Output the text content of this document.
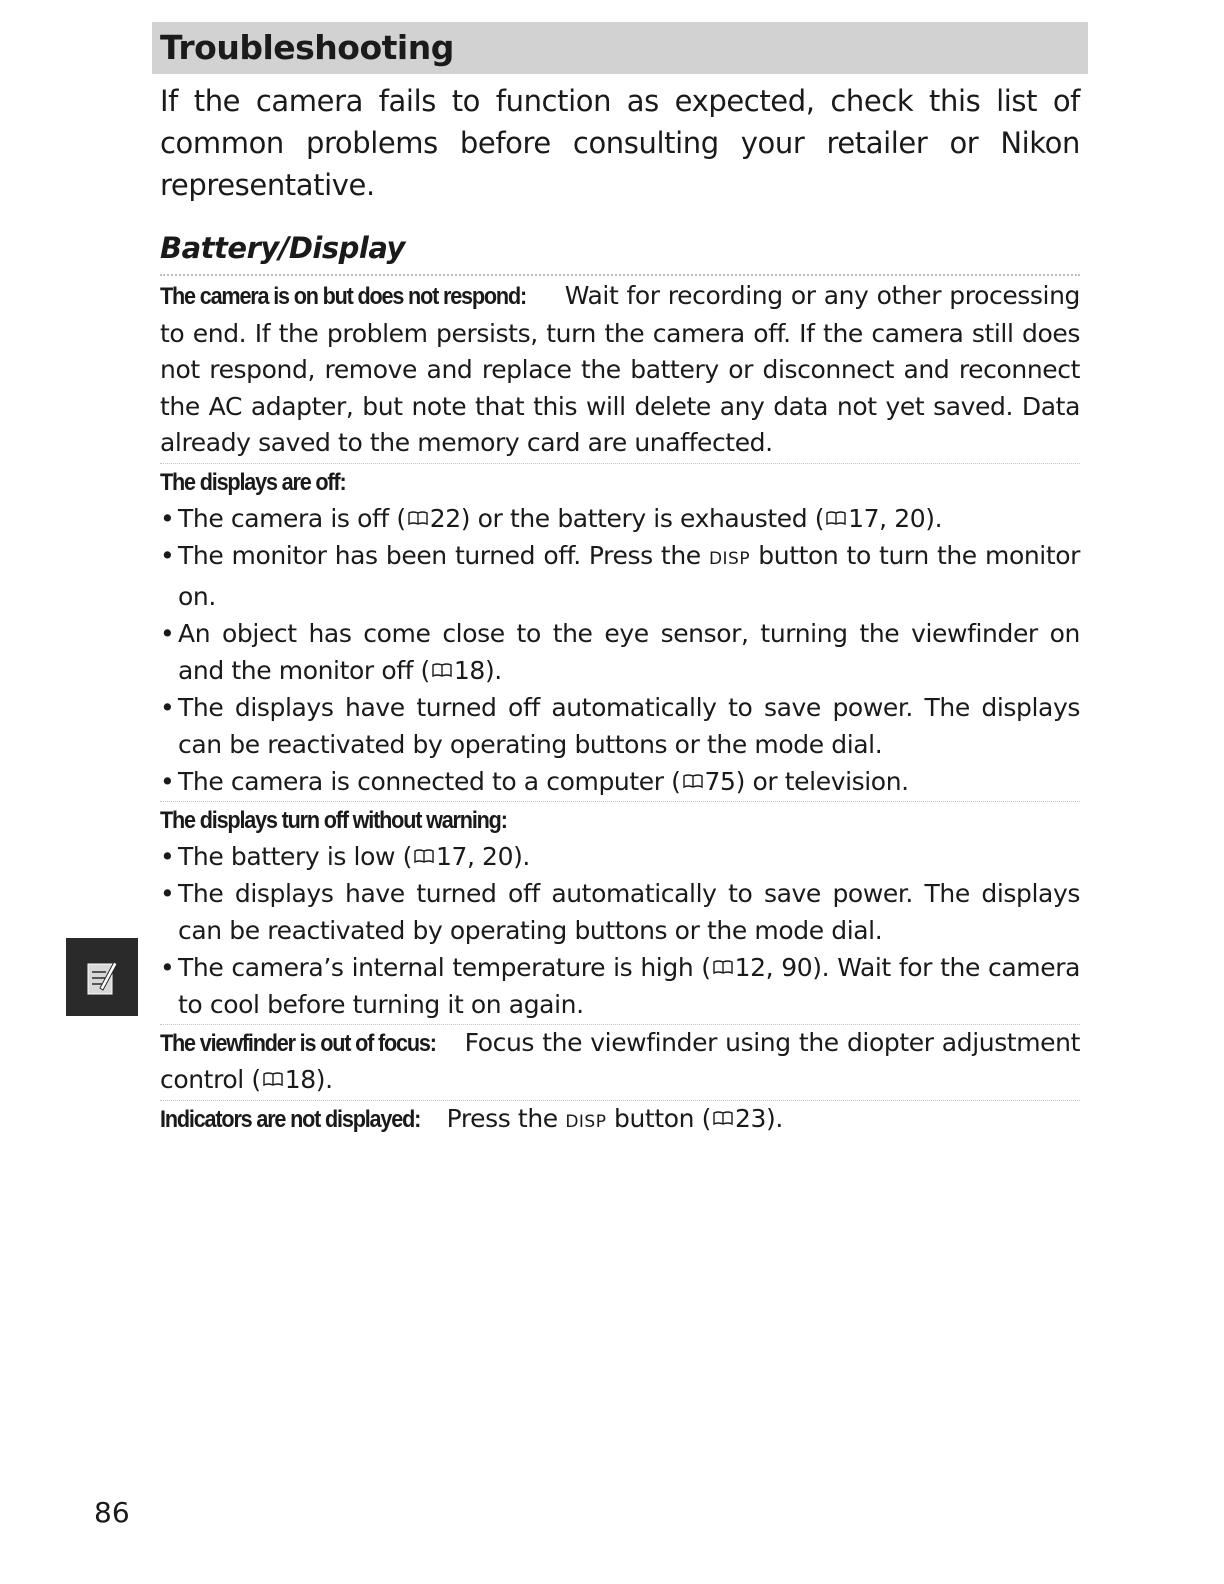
Troubleshooting

If the camera fails to function as expected, check this list of common problems before consulting your retailer or Nikon representative.

Battery/Display

The camera is on but does not respond: Wait for recording or any other processing to end. If the problem persists, turn the camera off. If the camera still does not respond, remove and replace the battery or disconnect and reconnect the AC adapter, but note that this will delete any data not yet saved. Data already saved to the memory card are unaffected.

The displays are off:

• The camera is off ( 22) or the battery is exhausted ( 17, 20).
• The monitor has been turned off. Press the DISP button to turn the monitor on.
• An object has come close to the eye sensor, turning the viewfinder on and the monitor off ( 18).
• The displays have turned off automatically to save power. The displays can be reactivated by operating buttons or the mode dial.
• The camera is connected to a computer ( 75) or television.

The displays turn off without warning:

• The battery is low ( 17, 20).
• The displays have turned off automatically to save power. The displays can be reactivated by operating buttons or the mode dial.
• The camera’s internal temperature is high ( 12, 90). Wait for the camera to cool before turning it on again.

The viewfinder is out of focus: Focus the viewfinder using the diopter adjustment control ( 18).

Indicators are not displayed: Press the DISP button ( 23).

86
